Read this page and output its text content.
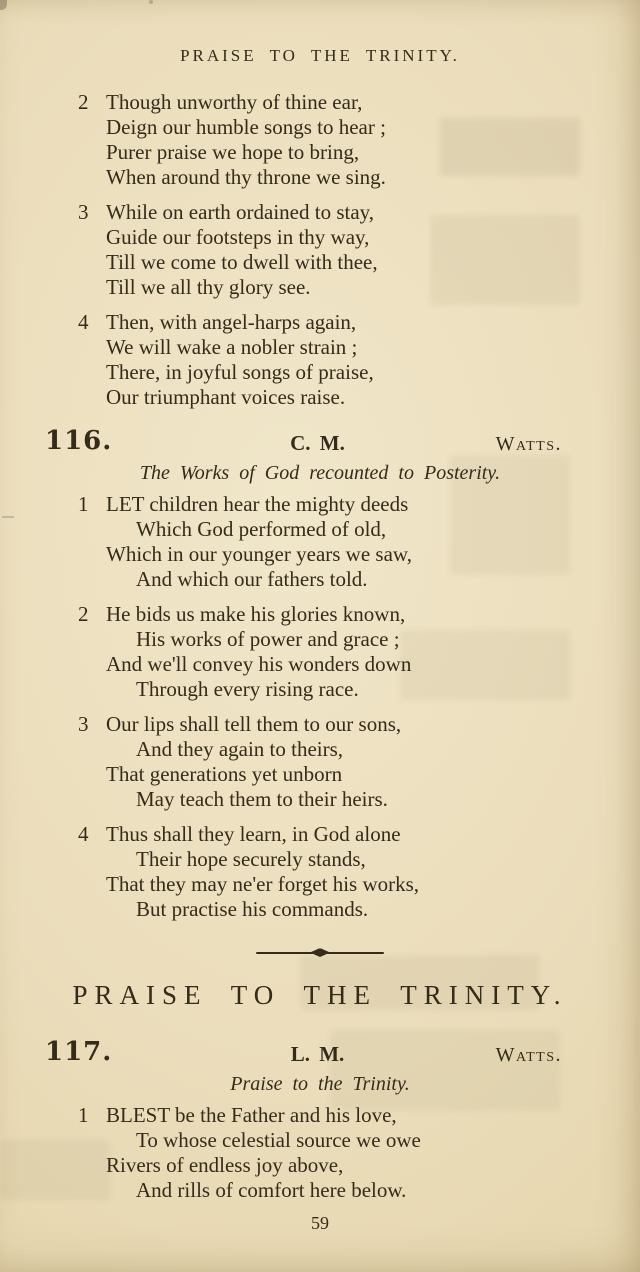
PRAISE TO THE TRINITY.
2 Though unworthy of thine ear,
Deign our humble songs to hear ;
Purer praise we hope to bring,
When around thy throne we sing.
3 While on earth ordained to stay,
Guide our footsteps in thy way,
Till we come to dwell with thee,
Till we all thy glory see.
4 Then, with angel-harps again,
We will wake a nobler strain ;
There, in joyful songs of praise,
Our triumphant voices raise.
116.	C. M.	Watts.
The Works of God recounted to Posterity.
1 LET children hear the mighty deeds
Which God performed of old,
Which in our younger years we saw,
And which our fathers told.
2 He bids us make his glories known,
His works of power and grace ;
And we'll convey his wonders down
Through every rising race.
3 Our lips shall tell them to our sons,
And they again to theirs,
That generations yet unborn
May teach them to their heirs.
4 Thus shall they learn, in God alone
Their hope securely stands,
That they may ne'er forget his works,
But practise his commands.
PRAISE TO THE TRINITY.
117.	L. M.	Watts.
Praise to the Trinity.
1 BLEST be the Father and his love,
To whose celestial source we owe
Rivers of endless joy above,
And rills of comfort here below.
59
